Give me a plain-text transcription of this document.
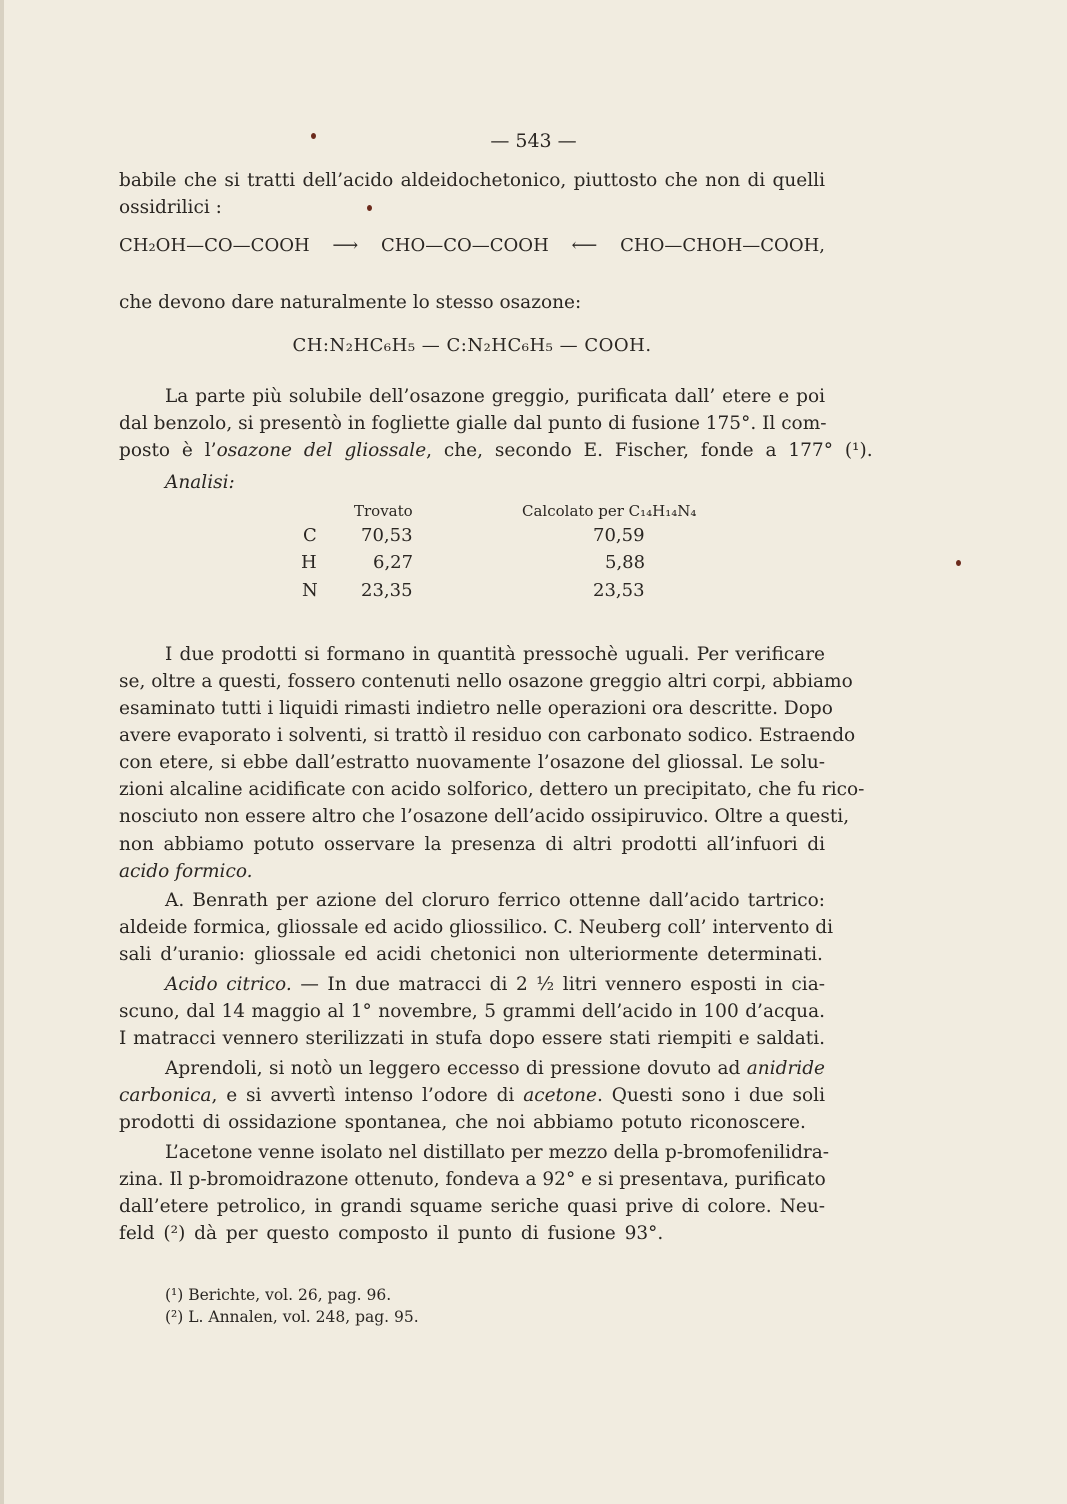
— 543 —
babile che si tratti dell’acido aldeidochetonico, piuttosto che non di quelli
ossidrilici :
CH₂OH—CO—COOH ⟶ CHO—CO—COOH ⟵ CHO—CHOH—COOH,
che devono dare naturalmente lo stesso osazone:
CH:N₂HC₆H₅ — C:N₂HC₆H₅ — COOH.
La parte più solubile dell’osazone greggio, purificata dall’ etere e poi
dal benzolo, si presentò in fogliette gialle dal punto di fusione 175°. Il com-
posto è l’osazone del gliossale, che, secondo E. Fischer, fonde a 177° (¹).
Analisi:
Trovato	Calcolato per C₁₄H₁₄N₄
C 70,53	70,59
H	6,27	5,88
N 23,35	23,53
I due prodotti si formano in quantità pressochè uguali. Per verificare
se, oltre a questi, fossero contenuti nello osazone greggio altri corpi, abbiamo
esaminato tutti i liquidi rimasti indietro nelle operazioni ora descritte. Dopo
avere evaporato i solventi, si trattò il residuo con carbonato sodico. Estraendo
con etere, si ebbe dall’estratto nuovamente l’osazone del gliossal. Le solu-
zioni alcaline acidificate con acido solforico, dettero un precipitato, che fu rico-
nosciuto non essere altro che l’osazone dell’acido ossipiruvico. Oltre a questi,
non abbiamo potuto osservare la presenza di altri prodotti all’infuori di
acido formico.
A. Benrath per azione del cloruro ferrico ottenne dall’acido tartrico:
aldeide formica, gliossale ed acido gliossilico. C. Neuberg coll’ intervento di
sali d’uranio: gliossale ed acidi chetonici non ulteriormente determinati.
Acido citrico. — In due matracci di 2 ½ litri vennero esposti in cia-
scuno, dal 14 maggio al 1° novembre, 5 grammi dell’acido in 100 d’acqua.
I matracci vennero sterilizzati in stufa dopo essere stati riempiti e saldati.
Aprendoli, si notò un leggero eccesso di pressione dovuto ad anidride
carbonica, e si avvertì intenso l’odore di acetone. Questi sono i due soli
prodotti di ossidazione spontanea, che noi abbiamo potuto riconoscere.
L’acetone venne isolato nel distillato per mezzo della p-bromofenilidra-
zina. Il p-bromoidrazone ottenuto, fondeva a 92° e si presentava, purificato
dall’etere petrolico, in grandi squame seriche quasi prive di colore. Neu-
feld (²) dà per questo composto il punto di fusione 93°.
(¹) Berichte, vol. 26, pag. 96.
(²) L. Annalen, vol. 248, pag. 95.
